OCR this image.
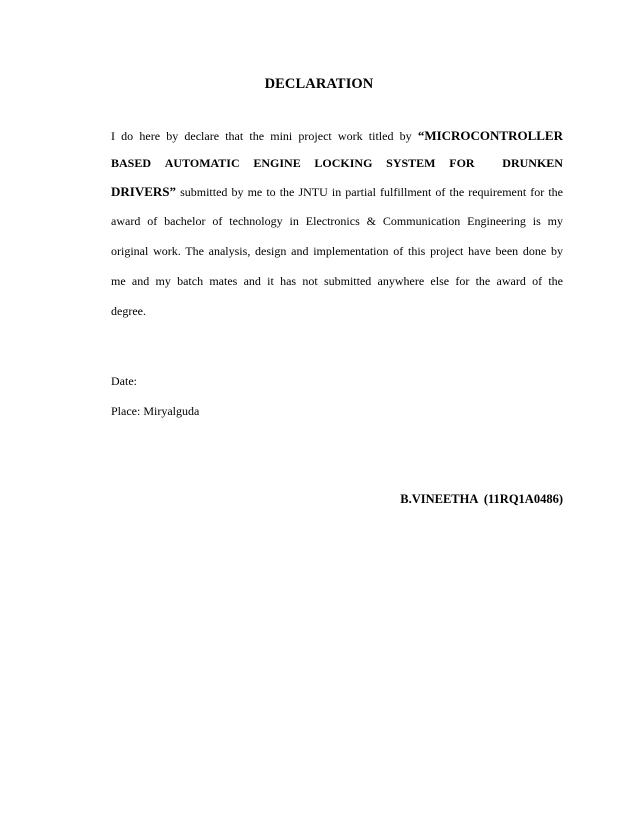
DECLARATION
I do here by declare that the mini project work titled by “MICROCONTROLLER
BASED AUTOMATIC ENGINE LOCKING SYSTEM FOR DRUNKEN
DRIVERS” submitted by me to the JNTU in partial fulfillment of the requirement for the
award of bachelor of technology in Electronics & Communication Engineering is my
original work. The analysis, design and implementation of this project have been done by
me and my batch mates and it has not submitted anywhere else for the award of the
degree.
Date:
Place: Miryalguda
B.VINEETHA (11RQ1A0486)
